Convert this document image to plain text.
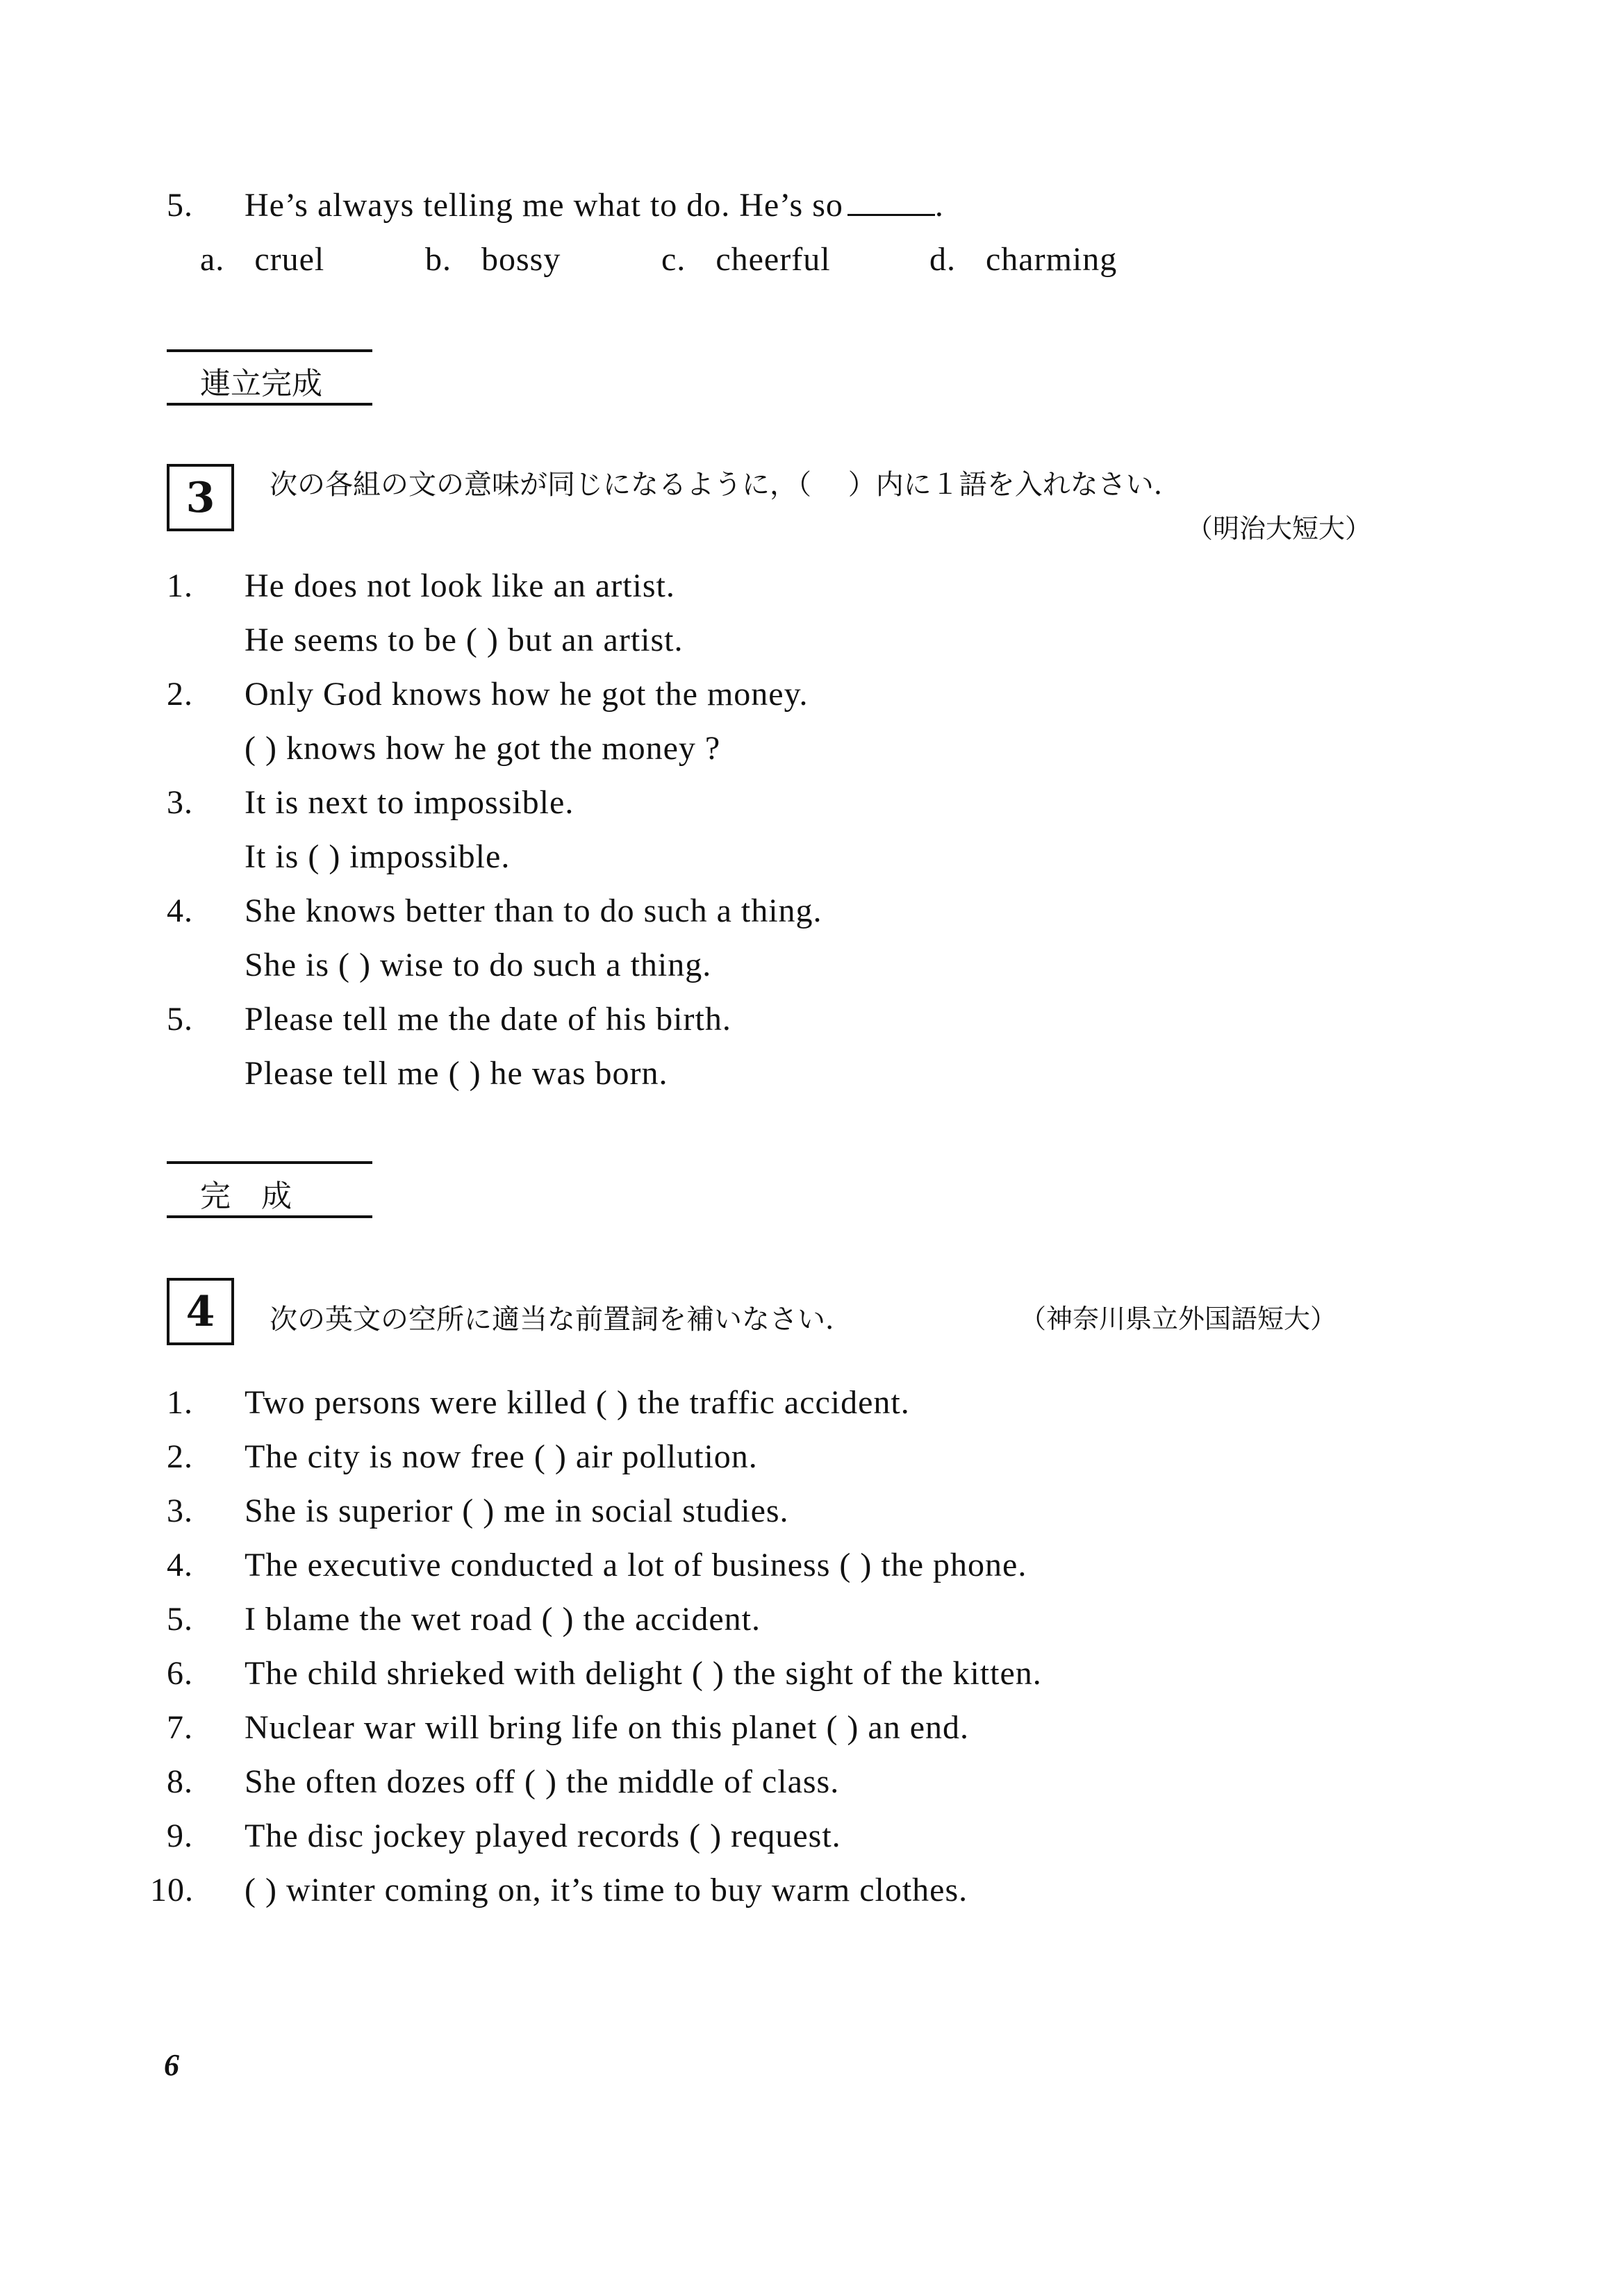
5. He’s always telling me what to do. He’s so	.
a. cruel	b. bossy	c. cheerful	d. charming
連立完成
3	次の各組の文の意味が同じになるように，（　 ）内に１語を入れなさい．
（明治大短大）
1. He does not look like an artist.
He seems to be ( ) but an artist.
2. Only God knows how he got the money.
( ) knows how he got the money ?
3. It is next to impossible.
It is ( ) impossible.
4. She knows better than to do such a thing.
She is ( ) wise to do such a thing.
5. Please tell me the date of his birth.
Please tell me ( ) he was born.
完　成
4	次の英文の空所に適当な前置詞を補いなさい．	（神奈川県立外国語短大）
1. Two persons were killed ( ) the traffic accident.
2. The city is now free ( ) air pollution.
3. She is superior ( ) me in social studies.
4. The executive conducted a lot of business ( ) the phone.
5. I blame the wet road ( ) the accident.
6. The child shrieked with delight ( ) the sight of the kitten.
7. Nuclear war will bring life on this planet ( ) an end.
8. She often dozes off ( ) the middle of class.
9. The disc jockey played records ( ) request.
10. ( ) winter coming on, it’s time to buy warm clothes.
6
